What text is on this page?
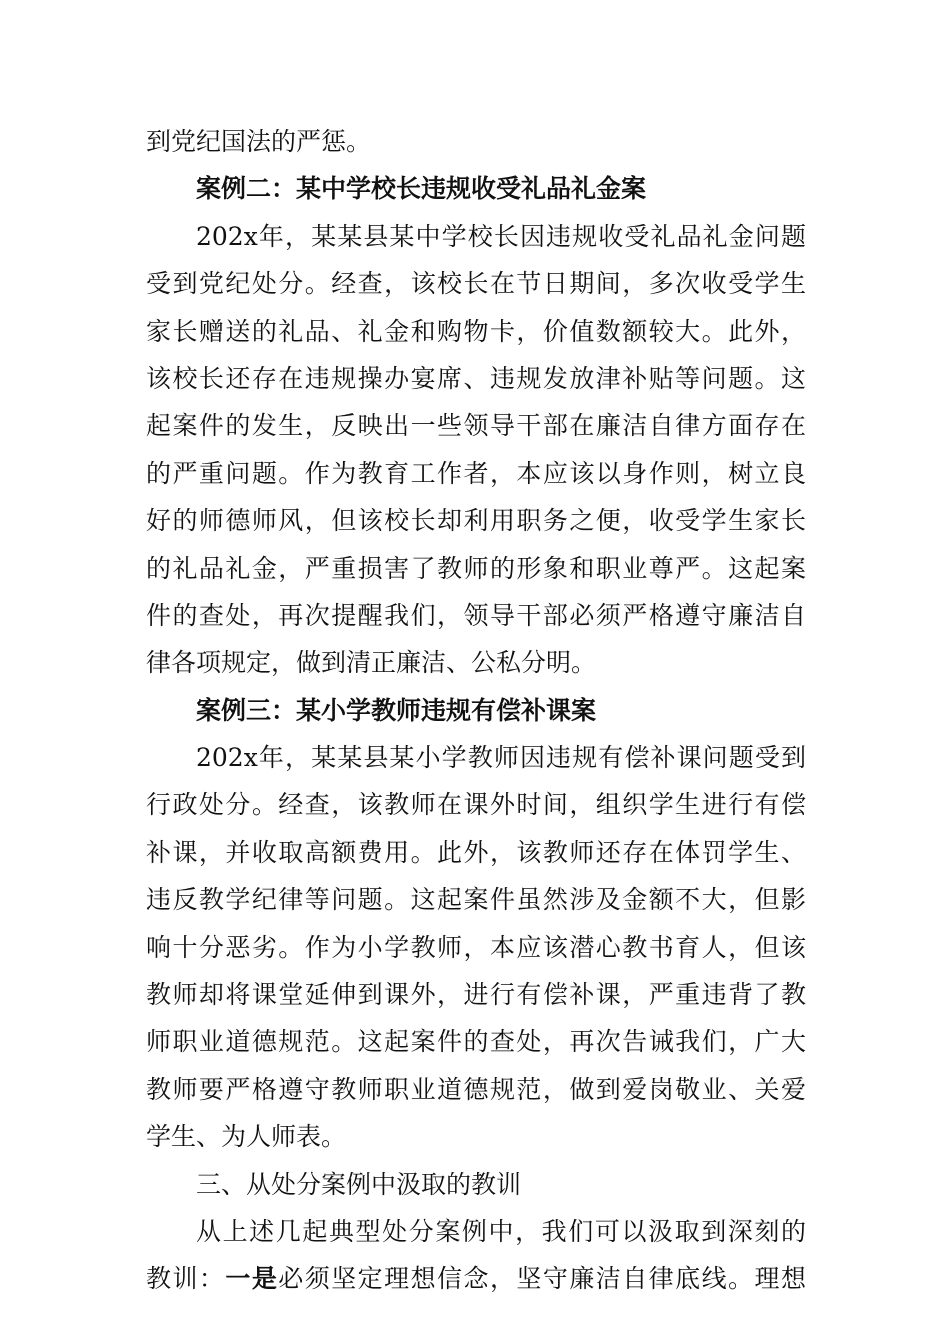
到党纪国法的严惩。
案例二：某中学校长违规收受礼品礼金案
202x年，某某县某中学校长因违规收受礼品礼金问题
受到党纪处分。经查，该校长在节日期间，多次收受学生
家长赠送的礼品、礼金和购物卡，价值数额较大。此外，
该校长还存在违规操办宴席、违规发放津补贴等问题。这
起案件的发生，反映出一些领导干部在廉洁自律方面存在
的严重问题。作为教育工作者，本应该以身作则，树立良
好的师德师风，但该校长却利用职务之便，收受学生家长
的礼品礼金，严重损害了教师的形象和职业尊严。这起案
件的查处，再次提醒我们，领导干部必须严格遵守廉洁自
律各项规定，做到清正廉洁、公私分明。
案例三：某小学教师违规有偿补课案
202x年，某某县某小学教师因违规有偿补课问题受到
行政处分。经查，该教师在课外时间，组织学生进行有偿
补课，并收取高额费用。此外，该教师还存在体罚学生、
违反教学纪律等问题。这起案件虽然涉及金额不大，但影
响十分恶劣。作为小学教师，本应该潜心教书育人，但该
教师却将课堂延伸到课外，进行有偿补课，严重违背了教
师职业道德规范。这起案件的查处，再次告诫我们，广大
教师要严格遵守教师职业道德规范，做到爱岗敬业、关爱
学生、为人师表。
三、从处分案例中汲取的教训
从上述几起典型处分案例中，我们可以汲取到深刻的
教训：一是必须坚定理想信念，坚守廉洁自律底线。理想
